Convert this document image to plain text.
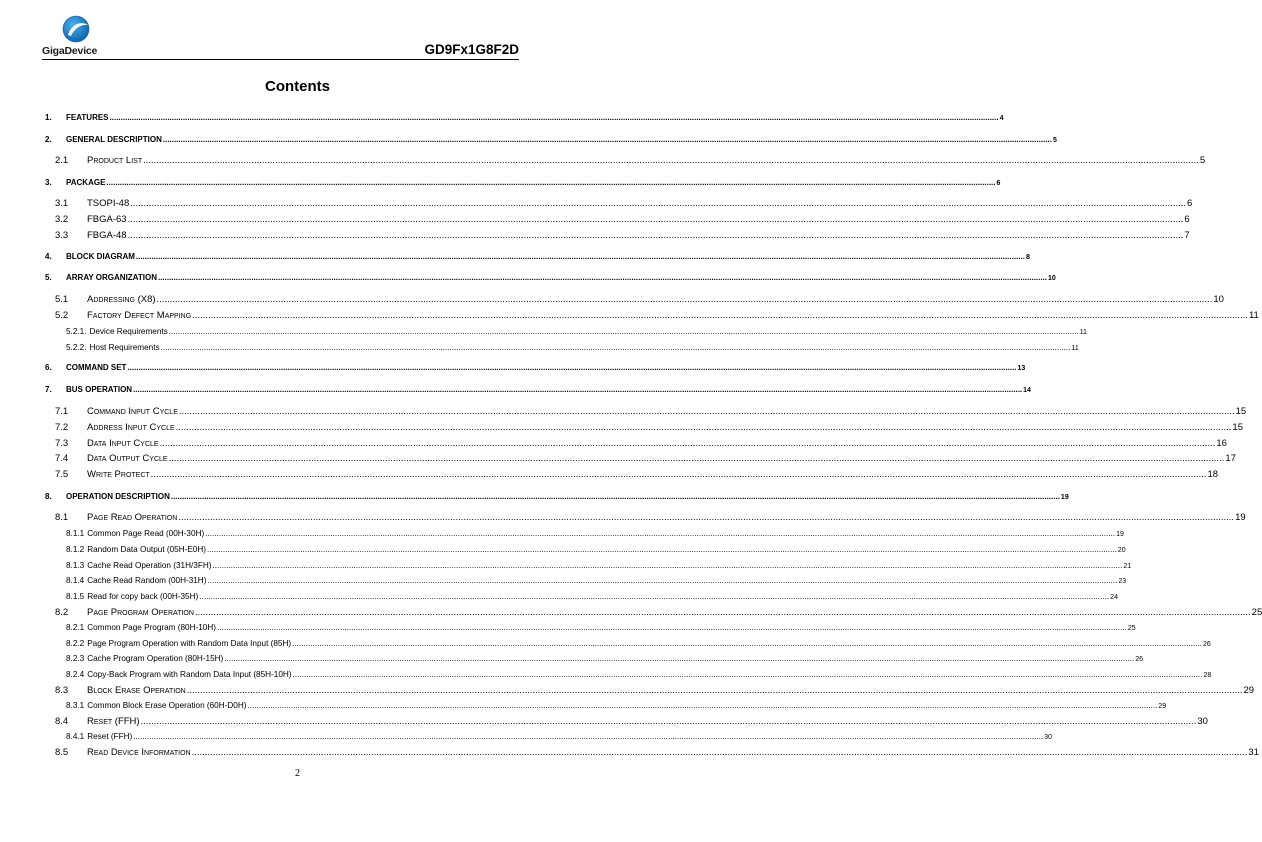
GigaDevice	GD9Fx1G8F2D
Contents
1.	FEATURES ................................................................................................................................................................................................................................................................................................................................................................................................................ 4
2.	GENERAL DESCRIPTION ................................................................................................................................................................................................................................................................................................................................................................................................................ 5
2.1	Product List ................................................................................................................................................................................................................................................................................................................................................................................................................ 5
3.	PACKAGE ................................................................................................................................................................................................................................................................................................................................................................................................................ 6
3.1	TSOPI-48 ................................................................................................................................................................................................................................................................................................................................................................................................................ 6
3.2	FBGA-63 ................................................................................................................................................................................................................................................................................................................................................................................................................ 6
3.3	FBGA-48 ................................................................................................................................................................................................................................................................................................................................................................................................................ 7
4.	BLOCK DIAGRAM ................................................................................................................................................................................................................................................................................................................................................................................................................ 8
5.	ARRAY ORGANIZATION ................................................................................................................................................................................................................................................................................................................................................................................................................ 10
5.1	Addressing (X8) ................................................................................................................................................................................................................................................................................................................................................................................................................ 10
5.2	Factory Defect Mapping ................................................................................................................................................................................................................................................................................................................................................................................................................ 11
5.2.1. Device Requirements ................................................................................................................................................................................................................................................................................................................................................................................................................ 11
5.2.2. Host Requirements ................................................................................................................................................................................................................................................................................................................................................................................................................ 11
6.	COMMAND SET ................................................................................................................................................................................................................................................................................................................................................................................................................ 13
7.	BUS OPERATION ................................................................................................................................................................................................................................................................................................................................................................................................................ 14
7.1	Command Input Cycle ................................................................................................................................................................................................................................................................................................................................................................................................................ 15
7.2	Address Input Cycle ................................................................................................................................................................................................................................................................................................................................................................................................................ 15
7.3	Data Input Cycle ................................................................................................................................................................................................................................................................................................................................................................................................................ 16
7.4	Data Output Cycle ................................................................................................................................................................................................................................................................................................................................................................................................................ 17
7.5	Write Protect ................................................................................................................................................................................................................................................................................................................................................................................................................ 18
8.	OPERATION DESCRIPTION ................................................................................................................................................................................................................................................................................................................................................................................................................ 19
8.1	Page Read Operation ................................................................................................................................................................................................................................................................................................................................................................................................................ 19
8.1.1 Common Page Read (00H-30H) ................................................................................................................................................................................................................................................................................................................................................................................................................ 19
8.1.2 Random Data Output (05H-E0H) ................................................................................................................................................................................................................................................................................................................................................................................................................ 20
8.1.3 Cache Read Operation (31H/3FH) ................................................................................................................................................................................................................................................................................................................................................................................................................ 21
8.1.4 Cache Read Random (00H-31H) ................................................................................................................................................................................................................................................................................................................................................................................................................ 23
8.1.5 Read for copy back (00H-35H) ................................................................................................................................................................................................................................................................................................................................................................................................................ 24
8.2	Page Program Operation ................................................................................................................................................................................................................................................................................................................................................................................................................ 25
8.2.1 Common Page Program (80H-10H) ................................................................................................................................................................................................................................................................................................................................................................................................................ 25
8.2.2 Page Program Operation with Random Data Input (85H) ................................................................................................................................................................................................................................................................................................................................................................................................................ 26
8.2.3 Cache Program Operation (80H-15H) ................................................................................................................................................................................................................................................................................................................................................................................................................ 26
8.2.4 Copy-Back Program with Random Data Input (85H-10H) ................................................................................................................................................................................................................................................................................................................................................................................................................ 28
8.3	Block Erase Operation ................................................................................................................................................................................................................................................................................................................................................................................................................ 29
8.3.1 Common Block Erase Operation (60H-D0H) ................................................................................................................................................................................................................................................................................................................................................................................................................ 29
8.4	Reset (FFH) ................................................................................................................................................................................................................................................................................................................................................................................................................ 30
8.4.1 Reset (FFH) ................................................................................................................................................................................................................................................................................................................................................................................................................ 30
8.5	Read Device Information ................................................................................................................................................................................................................................................................................................................................................................................................................ 31
2
